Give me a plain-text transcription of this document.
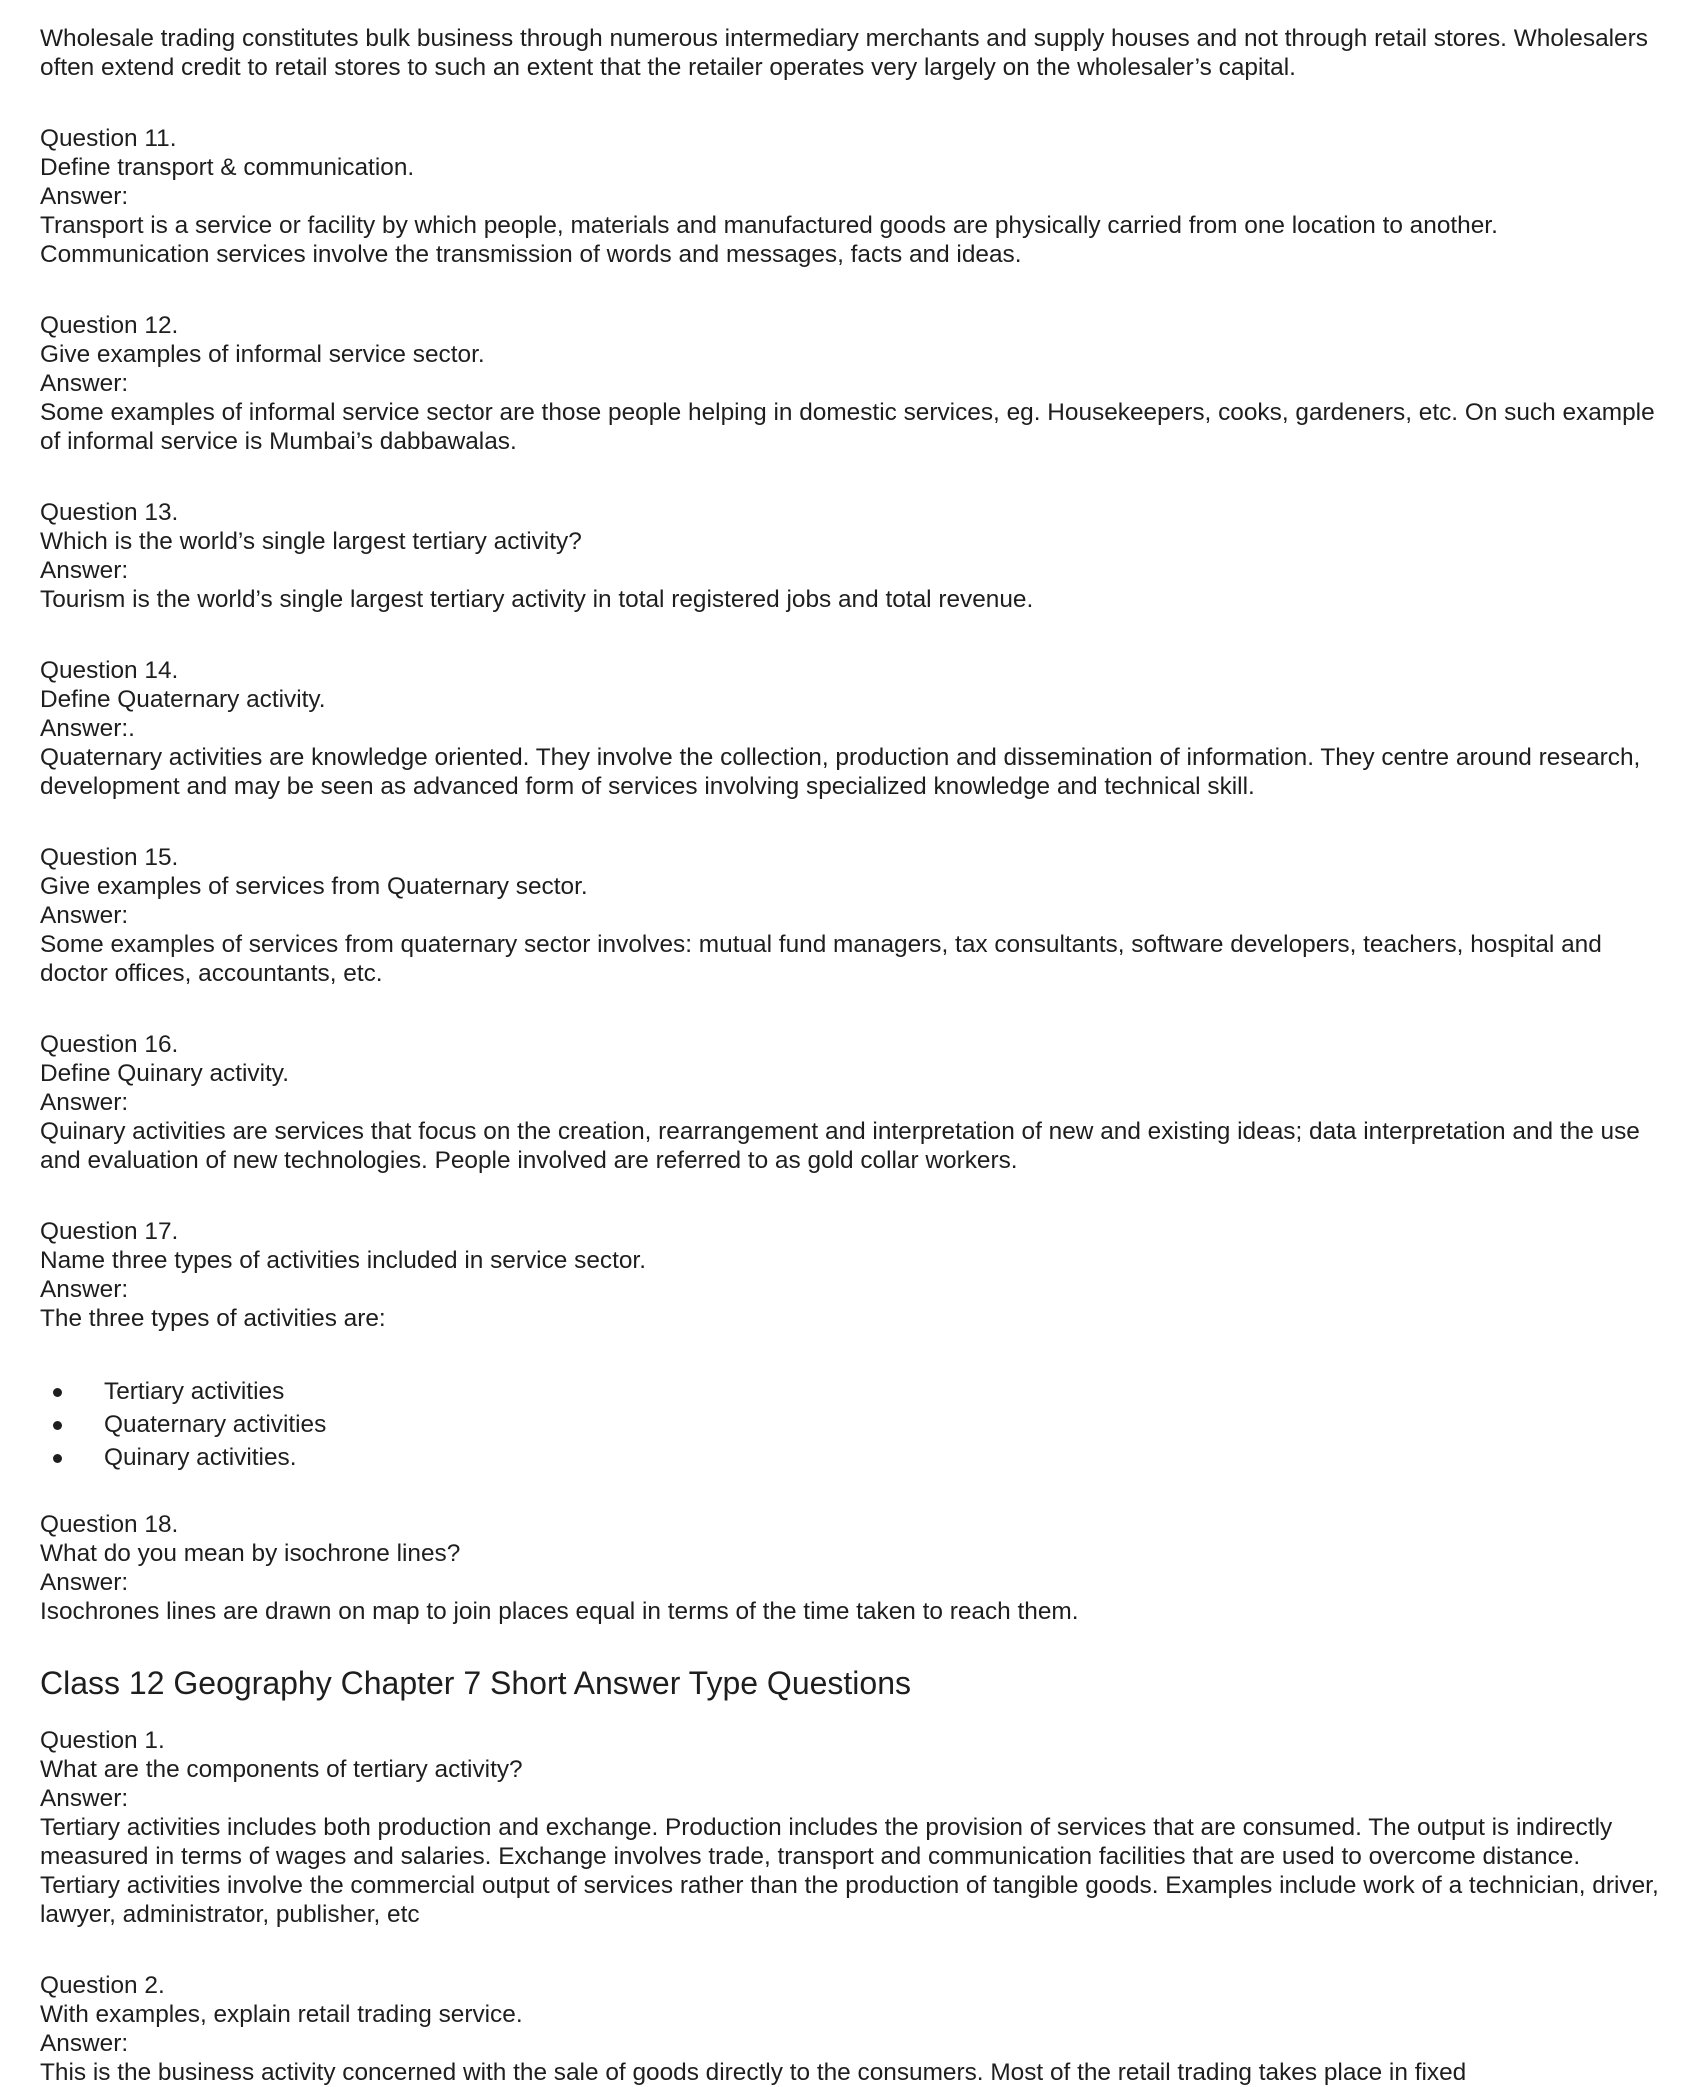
Wholesale trading constitutes bulk business through numerous intermediary merchants and supply houses and not through retail stores. Wholesalers often extend credit to retail stores to such an extent that the retailer operates very largely on the wholesaler’s capital.

Question 11.

Define transport & communication.

Answer:

Transport is a service or facility by which people, materials and manufactured goods are physically carried from one location to another. Communication services involve the transmission of words and messages, facts and ideas.

Question 12.

Give examples of informal service sector.

Answer:

Some examples of informal service sector are those people helping in domestic services, eg. Housekeepers, cooks, gardeners, etc. On such example of informal service is Mumbai’s dabbawalas.

Question 13.

Which is the world’s single largest tertiary activity?

Answer:

Tourism is the world’s single largest tertiary activity in total registered jobs and total revenue.

Question 14.

Define Quaternary activity.

Answer:.

Quaternary activities are knowledge oriented. They involve the collection, production and dissemination of information. They centre around research, development and may be seen as advanced form of services involving specialized knowledge and technical skill.

Question 15.

Give examples of services from Quaternary sector.

Answer:

Some examples of services from quaternary sector involves: mutual fund managers, tax consultants, software developers, teachers, hospital and doctor offices, accountants, etc.

Question 16.

Define Quinary activity.

Answer:

Quinary activities are services that focus on the creation, rearrangement and interpretation of new and existing ideas; data interpretation and the use and evaluation of new technologies. People involved are referred to as gold collar workers.

Question 17.

Name three types of activities included in service sector.

Answer:

The three types of activities are:

Tertiary activities
Quaternary activities
Quinary activities.

Question 18.

What do you mean by isochrone lines?

Answer:

Isochrones lines are drawn on map to join places equal in terms of the time taken to reach them.

Class 12 Geography Chapter 7 Short Answer Type Questions

Question 1.

What are the components of tertiary activity?

Answer:

Tertiary activities includes both production and exchange. Production includes the provision of services that are consumed. The output is indirectly measured in terms of wages and salaries. Exchange involves trade, transport and communication facilities that are used to overcome distance. Tertiary activities involve the commercial output of services rather than the production of tangible goods. Examples include work of a technician, driver, lawyer, administrator, publisher, etc

Question 2.

With examples, explain retail trading service.

Answer:

This is the business activity concerned with the sale of goods directly to the consumers. Most of the retail trading takes place in fixed
